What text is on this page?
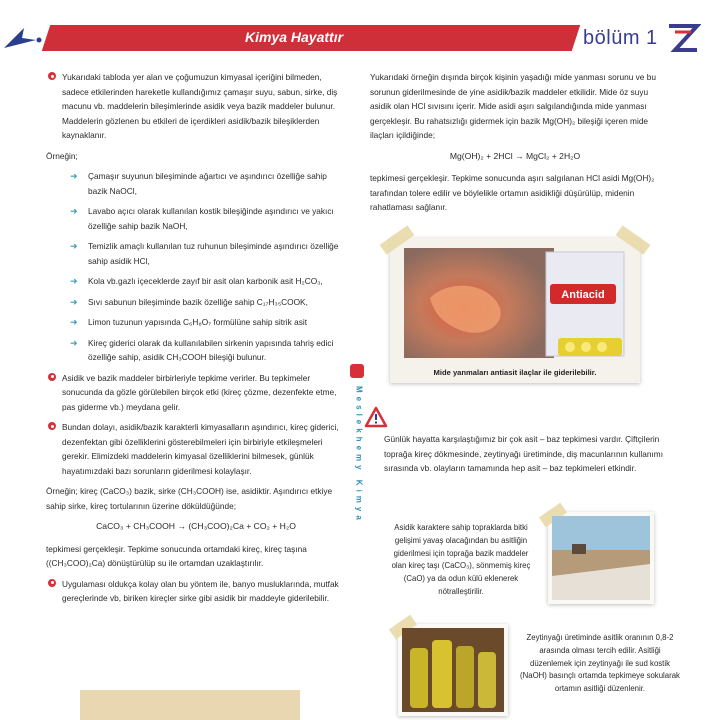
Kimya Hayattır	bölüm 1
Yukarıdaki tabloda yer alan ve çoğumuzun kimyasal içeriğini bilmeden, sadece etkilerinden hareketle kullandığımız çamaşır suyu, sabun, sirke, diş macunu vb. maddelerin bileşimlerinde asidik veya bazik maddeler bulunur. Maddelerin gözlenen bu etkileri de içerdikleri asidik/bazik bileşiklerden kaynaklanır.
Örneğin;
➜ Çamaşır suyunun bileşiminde ağartıcı ve aşındırıcı özelliğe sahip bazik NaOCl,
➜ Lavabo açıcı olarak kullanılan kostik bileşiğinde aşındırıcı ve yakıcı özelliğe sahip bazik NaOH,
➜ Temizlik amaçlı kullanılan tuz ruhunun bileşiminde aşındırıcı özelliğe sahip asidik HCl,
➜ Kola vb.gazlı içeceklerde zayıf bir asit olan karbonik asit H₂CO₃,
➜ Sıvı sabunun bileşiminde bazik özelliğe sahip C₁₇H₃₅COOK,
➜ Limon tuzunun yapısında C₆H₈O₇ formülüne sahip sitrik asit
➜ Kireç giderici olarak da kullanılabilen sirkenin yapısında tahriş edici özelliğe sahip, asidik CH₃COOH bileşiği bulunur.
Asidik ve bazik maddeler birbirleriyle tepkime verirler. Bu tepkimeler sonucunda da gözle görülebilen birçok etki (kireç çözme, dezenfekte etme, pas giderme vb.) meydana gelir.
Bundan dolayı, asidik/bazik karakterli kimyasalların aşındırıcı, kireç giderici, dezenfektan gibi özelliklerini gösterebilmeleri için birbiriyle etkileşmeleri gerekir. Elimizdeki maddelerin kimyasal özelliklerini bilmesek, günlük hayatımızdaki bazı sorunların giderilmesi kolaylaşır.
Örneğin; kireç (CaCO₃) bazik, sirke (CH₃COOH) ise, asidiktir. Aşındırıcı etkiye sahip sirke, kireç tortularının üzerine döküldüğünde;
CaCO₃ + CH₃COOH → (CH₃COO)₂Ca + CO₂ + H₂O
tepkimesi gerçekleşir. Tepkime sonucunda ortamdaki kireç, kireç taşına ((CH₃COO)₂Ca) dönüştürülüp su ile ortamdan uzaklaştırılır.
Uygulaması oldukça kolay olan bu yöntem ile, banyo musluklarında, mutfak gereçlerinde vb, biriken kireçler sirke gibi asidik bir maddeyle giderilebilir.
Meslekhemy Kimya
Yukarıdaki örneğin dışında birçok kişinin yaşadığı mide yanması sorunu ve bu sorunun giderilmesinde de yine asidik/bazik maddeler etkilidir. Mide öz suyu asidik olan HCl sıvısını içerir. Mide asidi aşırı salgılandığında mide yanması gerçekleşir. Bu rahatsızlığı gidermek için bazik Mg(OH)₂ bileşiği içeren mide ilaçları içildiğinde;
Mg(OH)₂ + 2HCl → MgCl₂ + 2H₂O
tepkimesi gerçekleşir. Tepkime sonucunda aşırı salgılanan HCl asidi Mg(OH)₂ tarafından tolere edilir ve böylelikle ortamın asidikliği düşürülüp, midenin rahatlaması sağlanır.
Antiacid
Mide yanmaları antiasit ilaçlar ile giderilebilir.
Günlük hayatta karşılaştığımız bir çok asit – baz tepkimesi vardır. Çiftçilerin toprağa kireç dökmesinde, zeytinyağı üretiminde, diş macunlarının kullanımı sırasında vb. olayların tamamında hep asit – baz tepkimeleri etkindir.
Asidik karaktere sahip topraklarda bitki gelişimi yavaş olacağından bu asitliğin giderilmesi için toprağa bazik maddeler olan kireç taşı (CaCO₃), sönmemiş kireç (CaO) ya da odun külü eklenerek nötralleştirilir.
Zeytinyağı üretiminde asitlik oranının 0,8-2 arasında olması tercih edilir. Asitliği düzenlemek için zeytinyağı ile sud kostik (NaOH) basınçlı ortamda tepkimeye sokularak ortamın asitliği düzenlenir.
